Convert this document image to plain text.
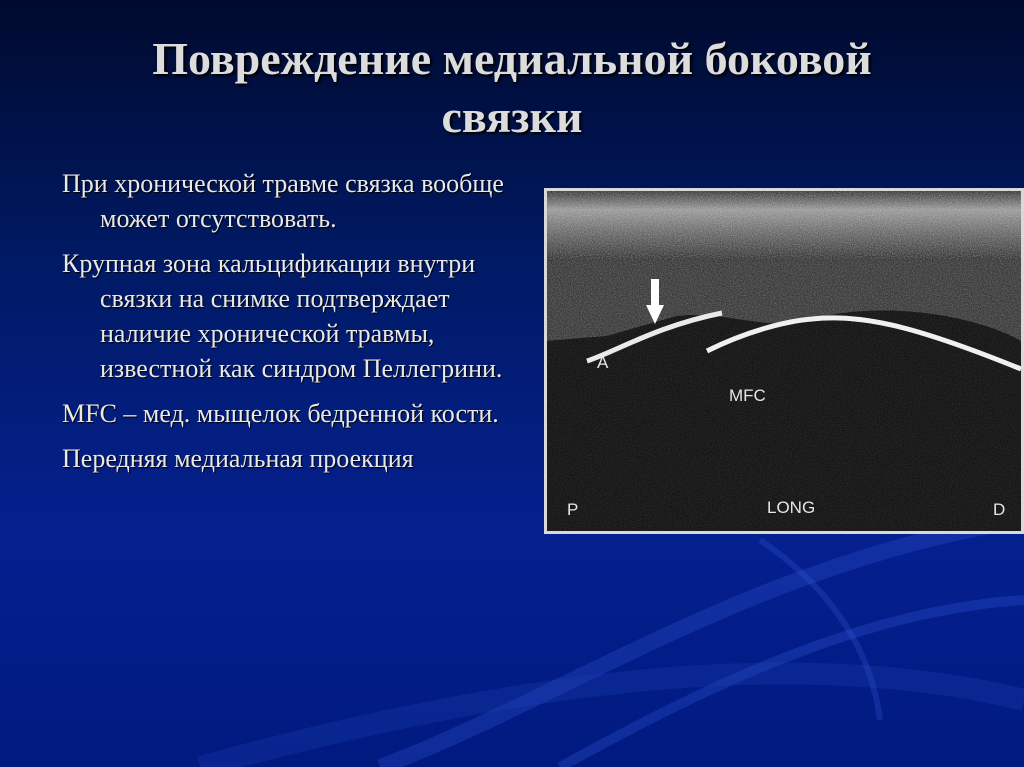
Повреждение медиальной боковой
связки

При хронической травме связка вообще может отсутствовать.

Крупная зона кальцификации внутри связки на снимке подтверждает наличие хронической травмы, известной как синдром Пеллегрини.

MFC – мед. мыщелок бедренной кости.

Передняя медиальная проекция

A
MFC
P	LONG	D
